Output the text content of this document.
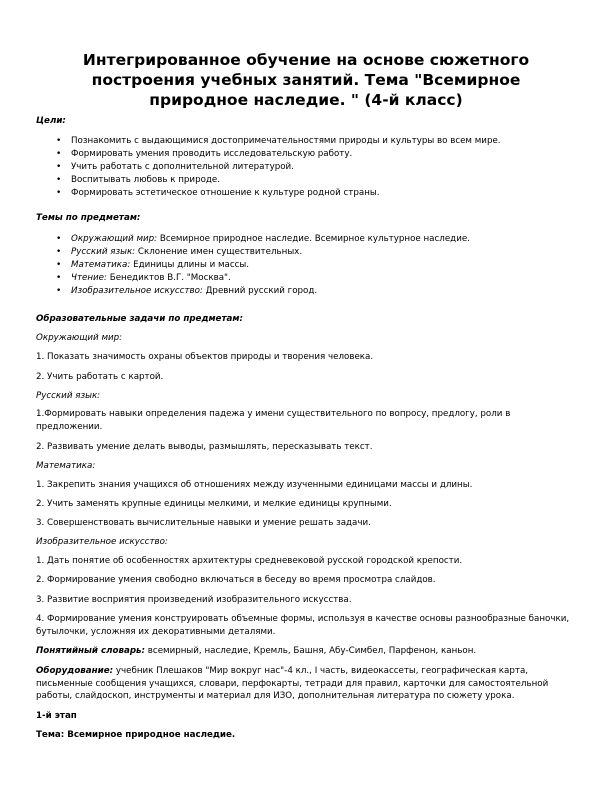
Интегрированное обучение на основе сюжетного построения учебных занятий. Тема "Всемирное природное наследие. " (4-й класс)

Цели:

• Познакомить с выдающимися достопримечательностями природы и культуры во всем мире.
• Формировать умения проводить исследовательскую работу.
• Учить работать с дополнительной литературой.
• Воспитывать любовь к природе.
• Формировать эстетическое отношение к культуре родной страны.

Темы по предметам:

• Окружающий мир: Всемирное природное наследие. Всемирное культурное наследие.
• Русский язык: Склонение имен существительных.
• Математика: Единицы длины и массы.
• Чтение: Бенедиктов В.Г. "Москва".
• Изобразительное искусство: Древний русский город.

Образовательные задачи по предметам:

Окружающий мир:

1. Показать значимость охраны объектов природы и творения человека.

2. Учить работать с картой.

Русский язык:

1.Формировать навыки определения падежа у имени существительного по вопросу, предлогу, роли в предложении.

2. Развивать умение делать выводы, размышлять, пересказывать текст.

Математика:

1. Закрепить знания учащихся об отношениях между изученными единицами массы и длины.

2. Учить заменять крупные единицы мелкими, и мелкие единицы крупными.

3. Совершенствовать вычислительные навыки и умение решать задачи.

Изобразительное искусство:

1. Дать понятие об особенностях архитектуры средневековой русской городской крепости.

2. Формирование умения свободно включаться в беседу во время просмотра слайдов.

3. Развитие восприятия произведений изобразительного искусства.

4. Формирование умения конструировать объемные формы, используя в качестве основы разнообразные баночки, бутылочки, усложняя их декоративными деталями.

Понятийный словарь: всемирный, наследие, Кремль, Башня, Абу-Симбел, Парфенон, каньон.

Оборудование: учебник Плешаков "Мир вокруг нас"-4 кл., I часть, видеокассеты, географическая карта, письменные сообщения учащихся, словари, перфокарты, тетради для правил, карточки для самостоятельной работы, слайдоскоп, инструменты и материал для ИЗО, дополнительная литература по сюжету урока.

1-й этап

Тема: Всемирное природное наследие.
